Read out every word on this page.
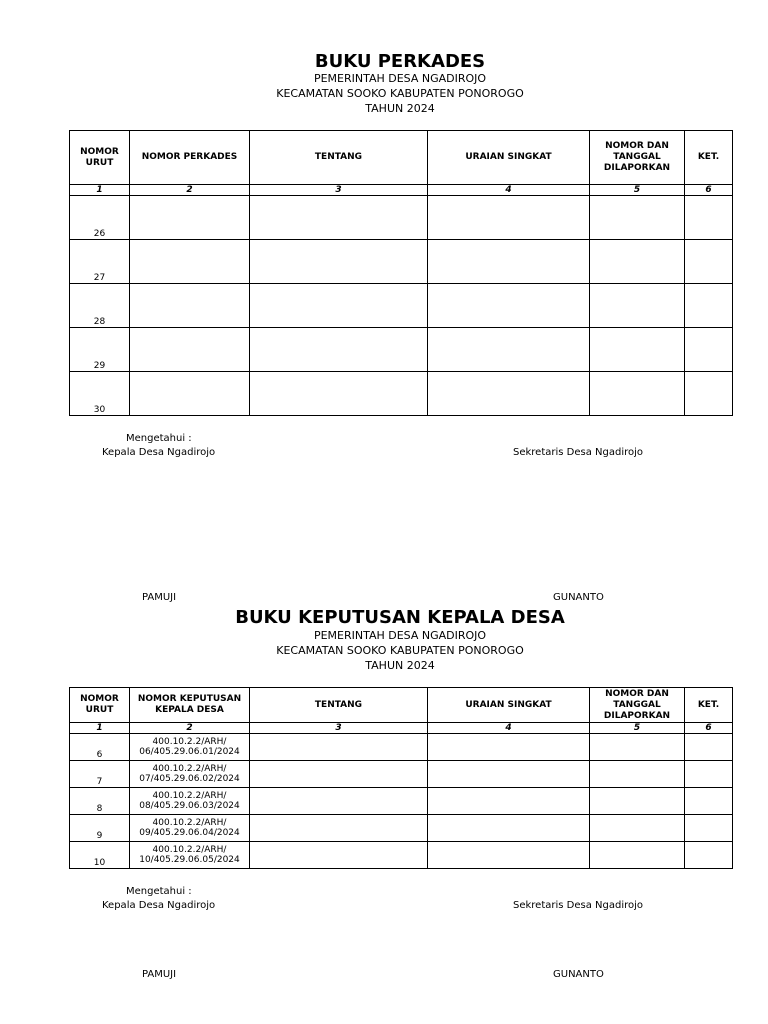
BUKU PERKADES
PEMERINTAH DESA NGADIROJO
KECAMATAN SOOKO KABUPATEN PONOROGO
TAHUN 2024
NOMOR URUT	NOMOR PERKADES	TENTANG	URAIAN SINGKAT	NOMOR DAN TANGGAL DILAPORKAN	KET.
1	2	3	4	5	6
26					
27					
28					
29					
30					
Mengetahui :
Kepala Desa Ngadirojo	Sekretaris Desa Ngadirojo
PAMUJI	GUNANTO
BUKU KEPUTUSAN KEPALA DESA
PEMERINTAH DESA NGADIROJO
KECAMATAN SOOKO KABUPATEN PONOROGO
TAHUN 2024
NOMOR URUT	NOMOR KEPUTUSAN KEPALA DESA	TENTANG	URAIAN SINGKAT	NOMOR DAN TANGGAL DILAPORKAN	KET.
1	2	3	4	5	6
6	400.10.2.2/ARH/
06/405.29.06.01/2024				

7	400.10.2.2/ARH/
07/405.29.06.02/2024				

8	400.10.2.2/ARH/
08/405.29.06.03/2024				

9	400.10.2.2/ARH/
09/405.29.06.04/2024				

10	400.10.2.2/ARH/
10/405.29.06.05/2024				

Mengetahui :
Kepala Desa Ngadirojo	Sekretaris Desa Ngadirojo
PAMUJI	GUNANTO
